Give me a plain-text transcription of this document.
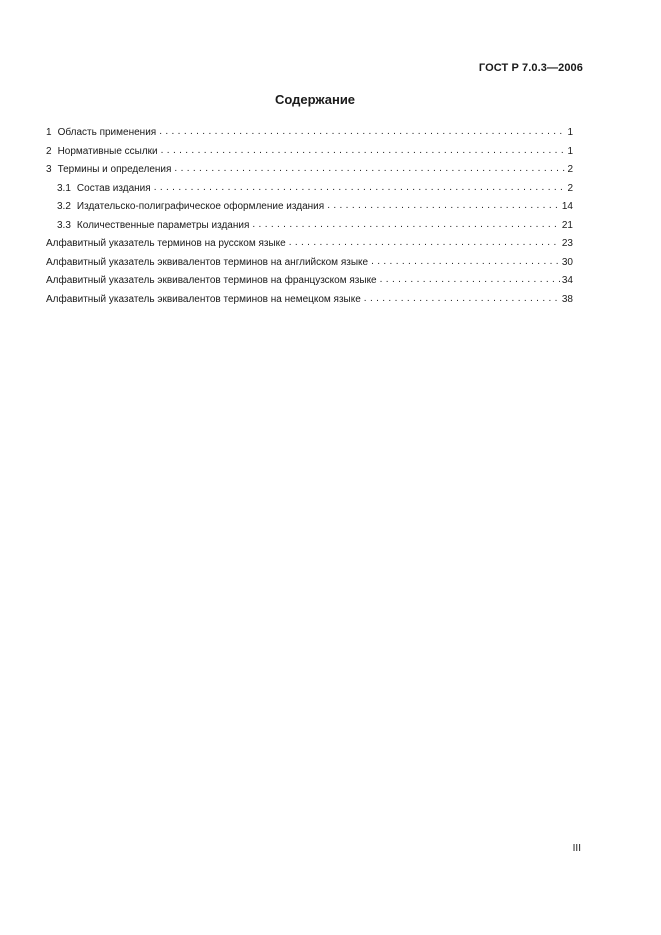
ГОСТ Р 7.0.3—2006
Содержание
1 Область применения . . .	1
2 Нормативные ссылки . . .	1
3 Термины и определения . . .	2
3.1 Состав издания . . .	2
3.2 Издательско-полиграфическое оформление издания . . .	14
3.3 Количественные параметры издания . . .	21
Алфавитный указатель терминов на русском языке . . .	23
Алфавитный указатель эквивалентов терминов на английском языке . . .	30
Алфавитный указатель эквивалентов терминов на французском языке . . .	34
Алфавитный указатель эквивалентов терминов на немецком языке . . .	38
III
